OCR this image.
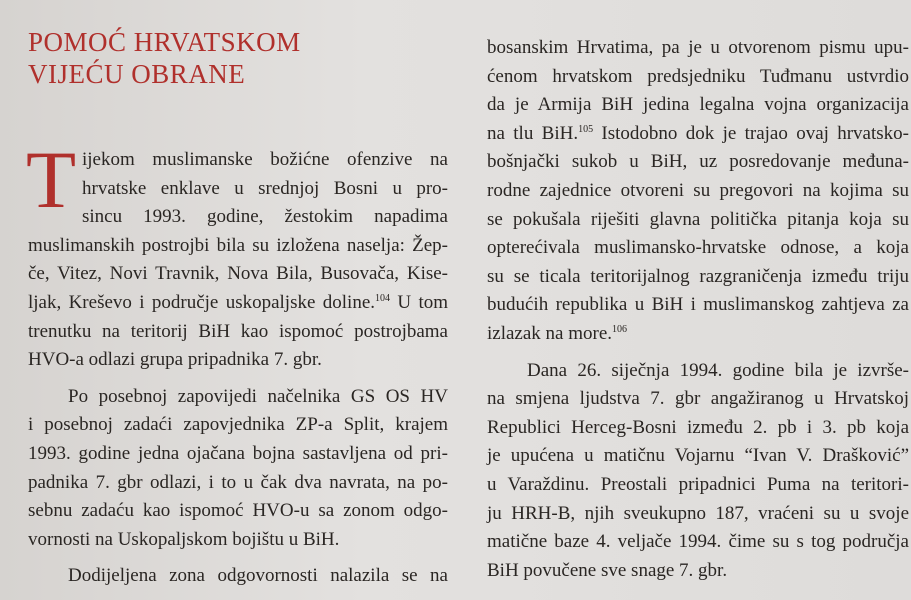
POMOĆ HRVATSKOM
VIJEĆU OBRANE
T ijekom muslimanske božićne ofenzive na
hrvatske enklave u srednjoj Bosni u pro-
sincu 1993. godine, žestokim napadima
muslimanskih postrojbi bila su izložena naselja: Žep-
če, Vitez, Novi Travnik, Nova Bila, Busovača, Kise-
ljak, Kreševo i područje uskopaljske doline.$^{104}$ U tom
trenutku na teritorij BiH kao ispomoć postrojbama
HVO-a odlazi grupa pripadnika 7. gbr.
Po posebnoj zapovijedi načelnika GS OS HV
i posebnoj zadaći zapovjednika ZP-a Split, krajem
1993. godine jedna ojačana bojna sastavljena od pri-
padnika 7. gbr odlazi, i to u čak dva navrata, na po-
sebnu zadaću kao ispomoć HVO-u sa zonom odgo-
vornosti na Uskopaljskom bojištu u BiH.
Dodijeljena zona odgovornosti nalazila se na
bosanskim Hrvatima, pa je u otvorenom pismu upu-
ćenom hrvatskom predsjedniku Tuđmanu ustvrdio
da je Armija BiH jedina legalna vojna organizacija
na tlu BiH.$^{105}$ Istodobno dok je trajao ovaj hrvatsko-
bošnjački sukob u BiH, uz posredovanje međuna-
rodne zajednice otvoreni su pregovori na kojima su
se pokušala riješiti glavna politička pitanja koja su
opterećivala muslimansko-hrvatske odnose, a koja
su se ticala teritorijalnog razgraničenja između triju
budućih republika u BiH i muslimanskog zahtjeva za
izlazak na more.$^{106}$
Dana 26. siječnja 1994. godine bila je izvrše-
na smjena ljudstva 7. gbr angažiranog u Hrvatskoj
Republici Herceg-Bosni između 2. pb i 3. pb koja
je upućena u matičnu Vojarnu “Ivan V. Drašković”
u Varaždinu. Preostali pripadnici Puma na teritori-
ju HRH-B, njih sveukupno 187, vraćeni su u svoje
matične baze 4. veljače 1994. čime su s tog područja
BiH povučene sve snage 7. gbr.
